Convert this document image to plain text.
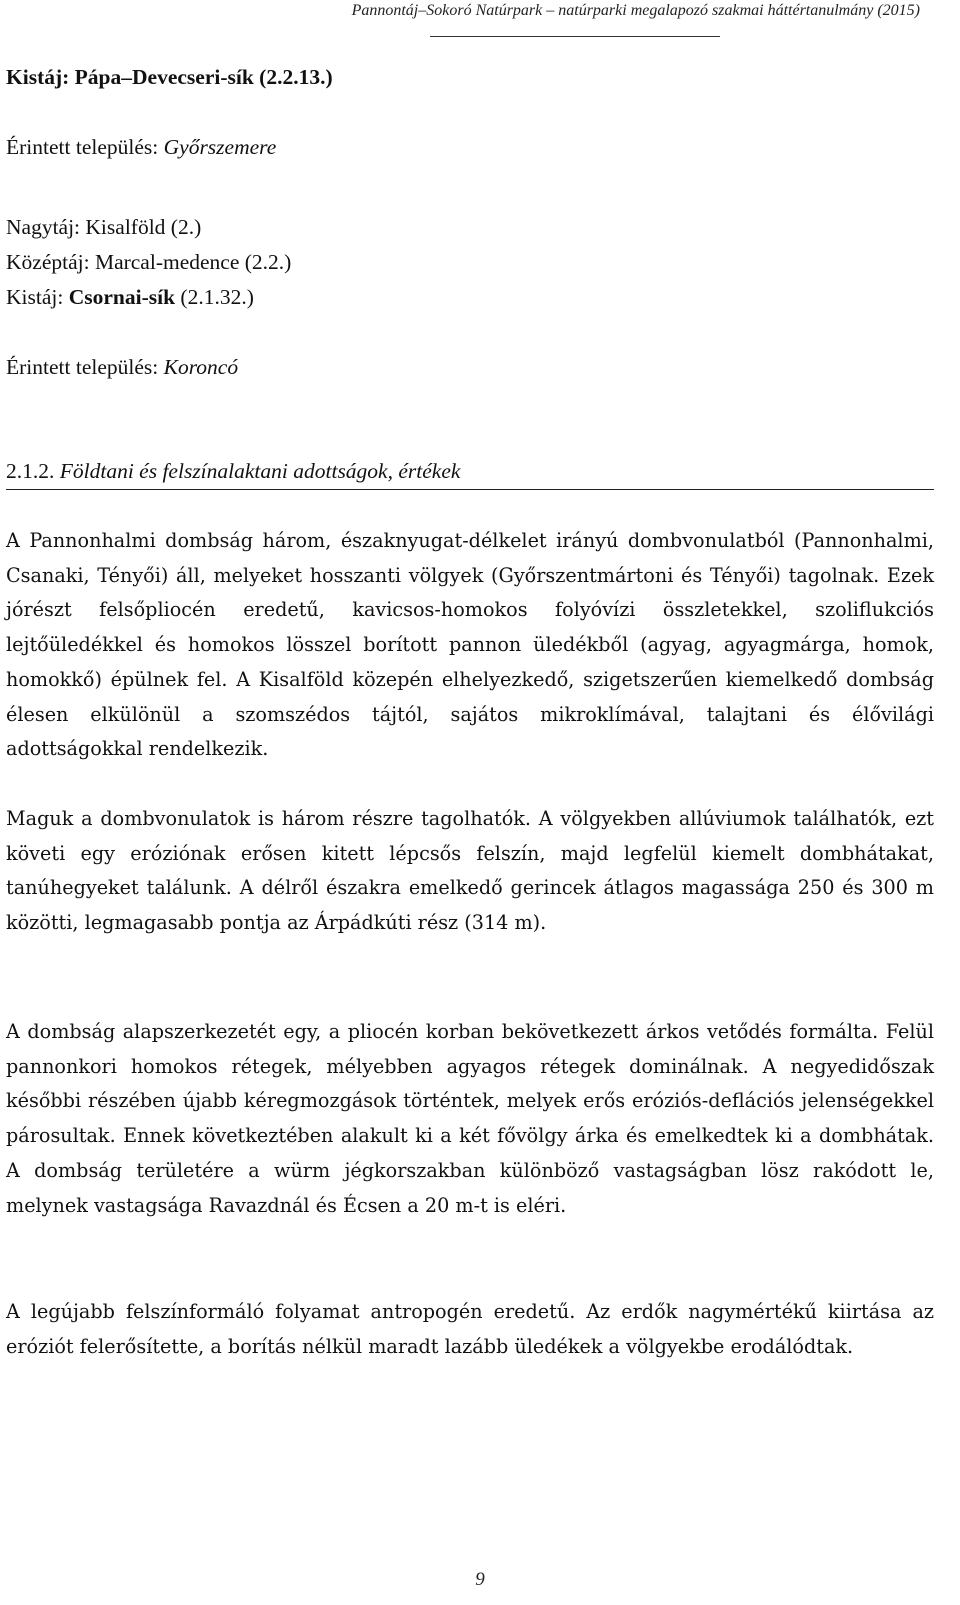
Pannontáj–Sokoró Natúrpark – natúrparki megalapozó szakmai háttértanulmány (2015)
Kistáj: Pápa–Devecseri-sík (2.2.13.)
Érintett település: Győrszemere
Nagytáj: Kisalföld (2.)
Középtáj: Marcal-medence (2.2.)
Kistáj: Csornai-sík (2.1.32.)
Érintett település: Koroncó
2.1.2. Földtani és felszínalaktani adottságok, értékek

A Pannonhalmi dombság három, északnyugat-délkelet irányú dombvonulatból (Pannonhalmi, Csanaki, Tényői) áll, melyeket hosszanti völgyek (Győrszentmártoni és Tényői) tagolnak. Ezek jórészt felsőpliocén eredetű, kavicsos-homokos folyóvízi összletekkel, szoliflukciós lejtőüledékkel és homokos lösszel borított pannon üledékből (agyag, agyagmárga, homok, homokkő) épülnek fel. A Kisalföld közepén elhelyezkedő, szigetszerűen kiemelkedő dombság élesen elkülönül a szomszédos tájtól, sajátos mikroklímával, talajtani és élővilági adottságokkal rendelkezik.

Maguk a dombvonulatok is három részre tagolhatók. A völgyekben allúviumok találhatók, ezt követi egy eróziónak erősen kitett lépcsős felszín, majd legfelül kiemelt dombhátakat, tanúhegyeket találunk. A délről északra emelkedő gerincek átlagos magassága 250 és 300 m közötti, legmagasabb pontja az Árpádkúti rész (314 m).

A dombság alapszerkezetét egy, a pliocén korban bekövetkezett árkos vetődés formálta. Felül pannonkori homokos rétegek, mélyebben agyagos rétegek dominálnak. A negyedidőszak későbbi részében újabb kéregmozgások történtek, melyek erős eróziós-deflációs jelenségekkel párosultak. Ennek következtében alakult ki a két fővölgy árka és emelkedtek ki a dombhátak. A dombság területére a würm jégkorszakban különböző vastagságban lösz rakódott le, melynek vastagsága Ravazdnál és Écsen a 20 m-t is eléri.

A legújabb felszínformáló folyamat antropogén eredetű. Az erdők nagymértékű kiirtása az eróziót felerősítette, a borítás nélkül maradt lazább üledékek a völgyekbe erodálódtak.

9
